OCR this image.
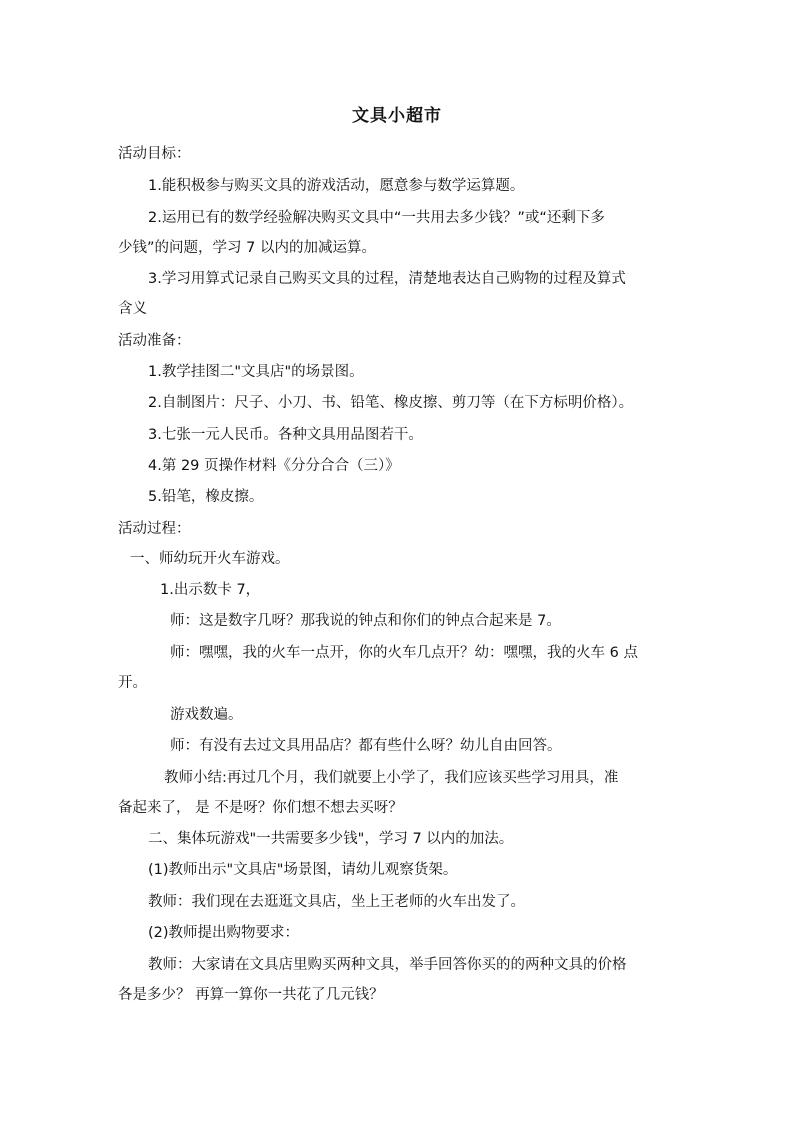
文具小超市
活动目标：
1.能积极参与购买文具的游戏活动，愿意参与数学运算题。
2.运用已有的数学经验解决购买文具中“一共用去多少钱？”或“还剩下多
少钱”的问题，学习 7 以内的加减运算。
3.学习用算式记录自己购买文具的过程，清楚地表达自己购物的过程及算式
含义
活动准备：
1.教学挂图二"文具店"的场景图。
2.自制图片：尺子、小刀、书、铅笔、橡皮擦、剪刀等（在下方标明价格）。
3.七张一元人民币。各种文具用品图若干。
4.第 29 页操作材料《分分合合（三）》
5.铅笔，橡皮擦。
活动过程：
一、师幼玩开火车游戏。
1.出示数卡 7，
师：这是数字几呀？那我说的钟点和你们的钟点合起来是 7。
师：嘿嘿，我的火车一点开，你的火车几点开？幼：嘿嘿，我的火车 6 点
开。
游戏数遍。
师：有没有去过文具用品店？都有些什么呀？幼儿自由回答。
教师小结:再过几个月，我们就要上小学了，我们应该买些学习用具，准
备起来了， 是 不是呀？你们想不想去买呀？
二、集体玩游戏"一共需要多少钱"，学习 7 以内的加法。
(1)教师出示"文具店"场景图，请幼儿观察货架。
教师：我们现在去逛逛文具店，坐上王老师的火车出发了。
(2)教师提出购物要求：
教师：大家请在文具店里购买两种文具，举手回答你买的的两种文具的价格
各是多少？ 再算一算你一共花了几元钱？
